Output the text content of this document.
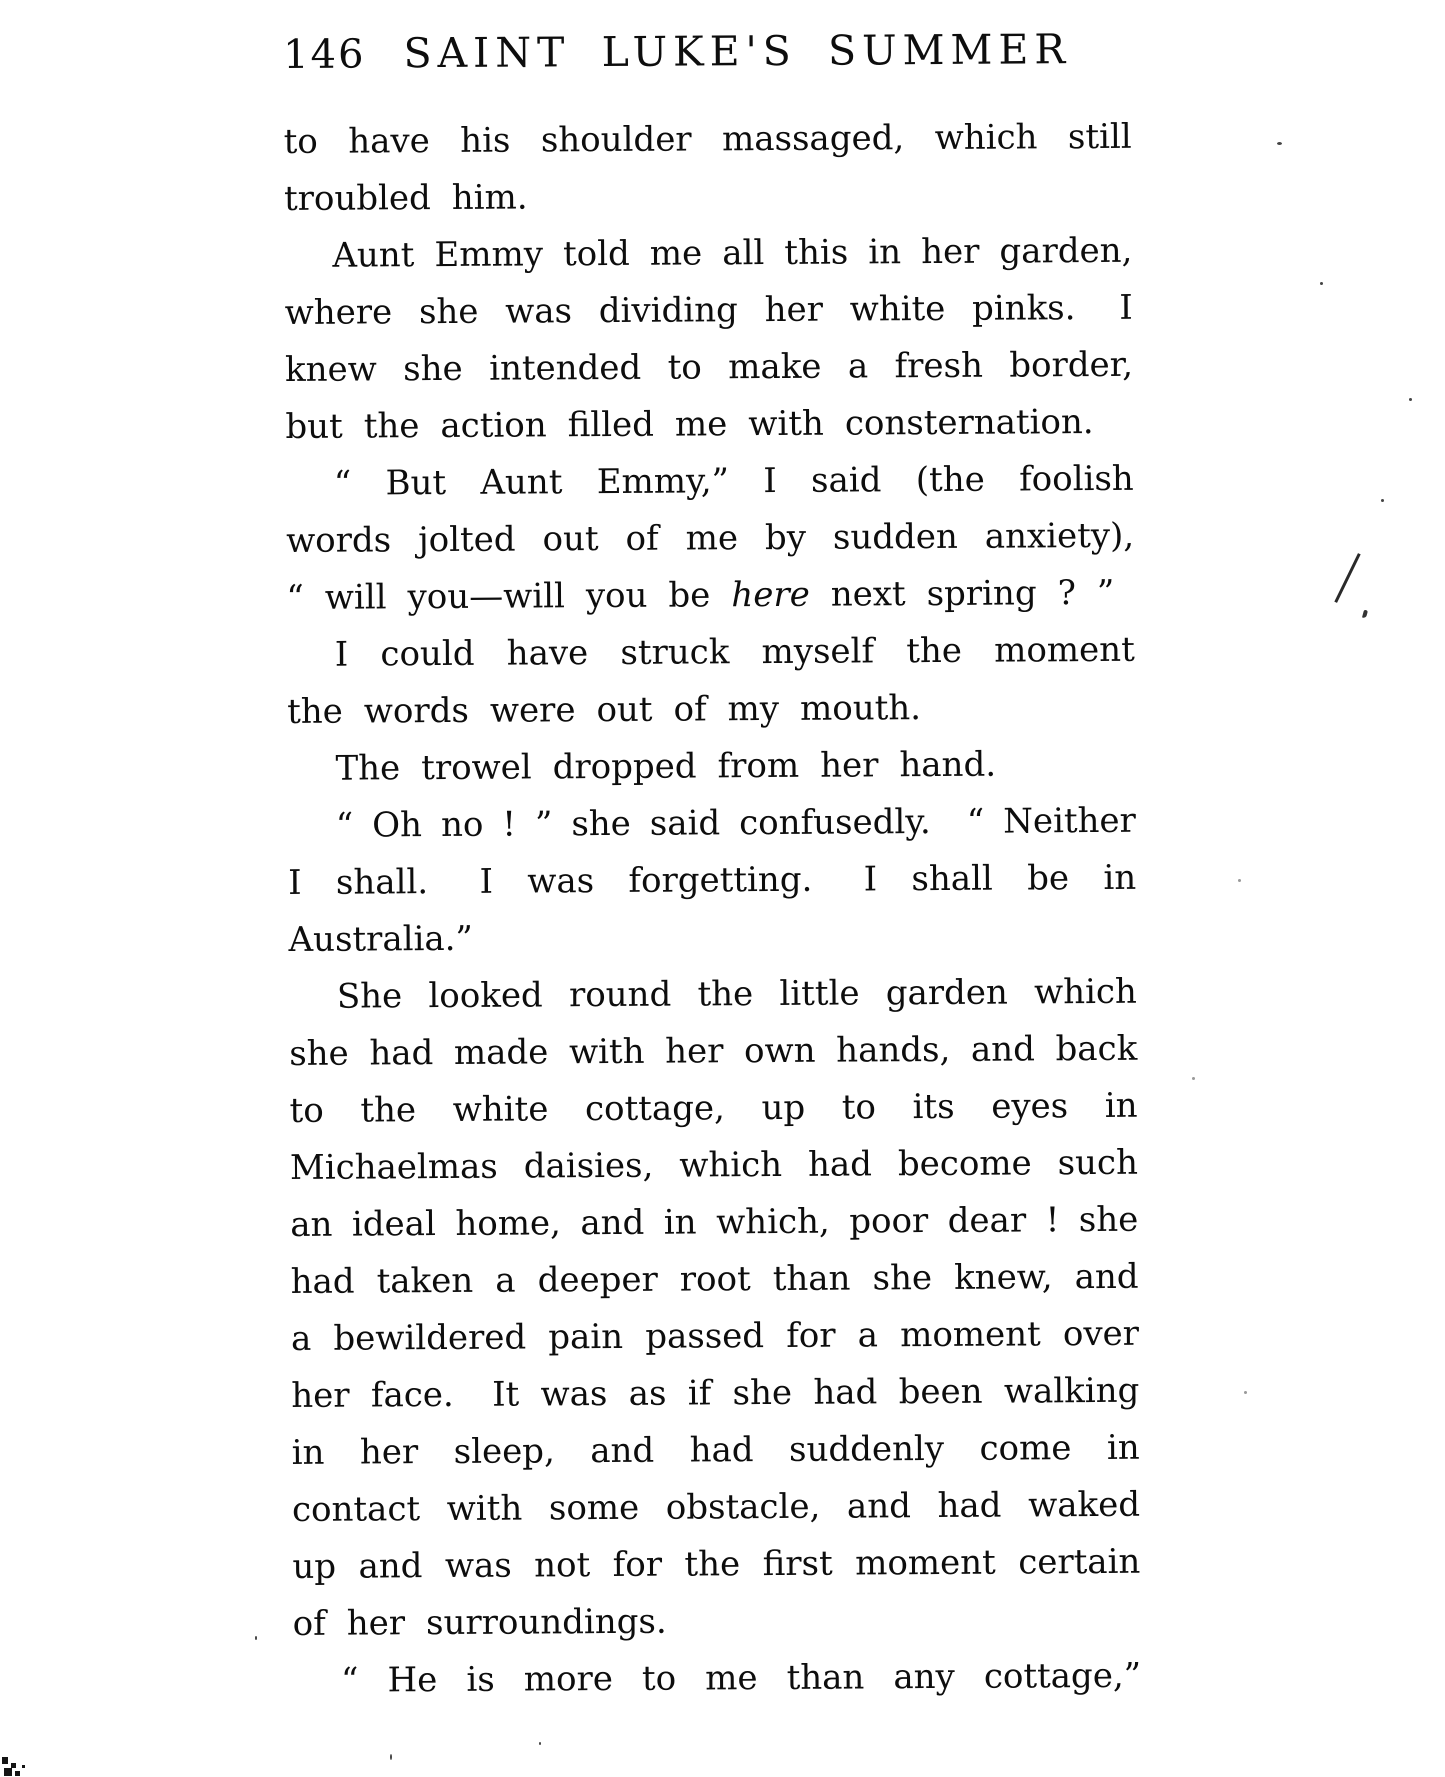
146 SAINT LUKE'S SUMMER
to have his shoulder massaged, which still
troubled him.
Aunt Emmy told me all this in her garden,
where she was dividing her white pinks.  I
knew she intended to make a fresh border,
but the action filled me with consternation.
“ But Aunt Emmy,” I said (the foolish
words jolted out of me by sudden anxiety),
“ will you—will you be here next spring ? ”
I could have struck myself the moment
the words were out of my mouth.
The trowel dropped from her hand.
“ Oh no ! ” she said confusedly.  “ Neither
I shall.  I was forgetting.  I shall be in
Australia.”
She looked round the little garden which
she had made with her own hands, and back
to the white cottage, up to its eyes in
Michaelmas daisies, which had become such
an ideal home, and in which, poor dear ! she
had taken a deeper root than she knew, and
a bewildered pain passed for a moment over
her face.  It was as if she had been walking
in her sleep, and had suddenly come in
contact with some obstacle, and had waked
up and was not for the first moment certain
of her surroundings.
“ He is more to me than any cottage,”
